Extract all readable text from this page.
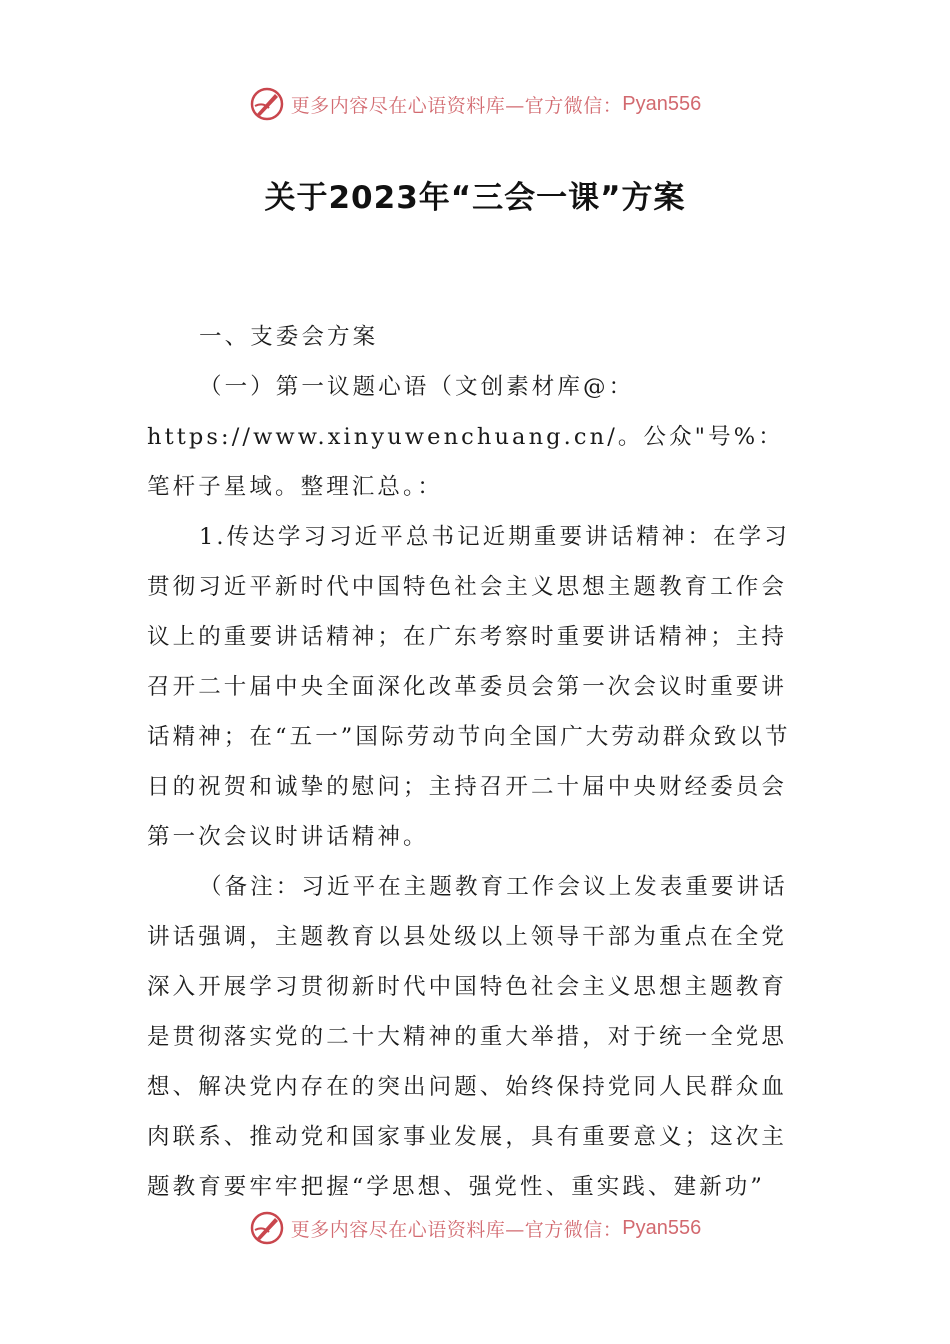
更多内容尽在心语资料库—官方微信： Pyan556
关于2023年“三会一课”方案

一、支委会方案

（一）第一议题心语（文创素材库@：https://www.xinyuwenchuang.cn/。公众"号%：笔杆子星域。整理汇总。：

1.传达学习习近平总书记近期重要讲话精神：在学习贯彻习近平新时代中国特色社会主义思想主题教育工作会议上的重要讲话精神；在广东考察时重要讲话精神；主持召开二十届中央全面深化改革委员会第一次会议时重要讲话精神；在“五一”国际劳动节向全国广大劳动群众致以节日的祝贺和诚挚的慰问；主持召开二十届中央财经委员会第一次会议时讲话精神。

（备注：习近平在主题教育工作会议上发表重要讲话讲话强调，主题教育以县处级以上领导干部为重点在全党深入开展学习贯彻新时代中国特色社会主义思想主题教育是贯彻落实党的二十大精神的重大举措，对于统一全党思想、解决党内存在的突出问题、始终保持党同人民群众血肉联系、推动党和国家事业发展，具有重要意义；这次主题教育要牢牢把握“学思想、强党性、重实践、建新功”

更多内容尽在心语资料库—官方微信： Pyan556
